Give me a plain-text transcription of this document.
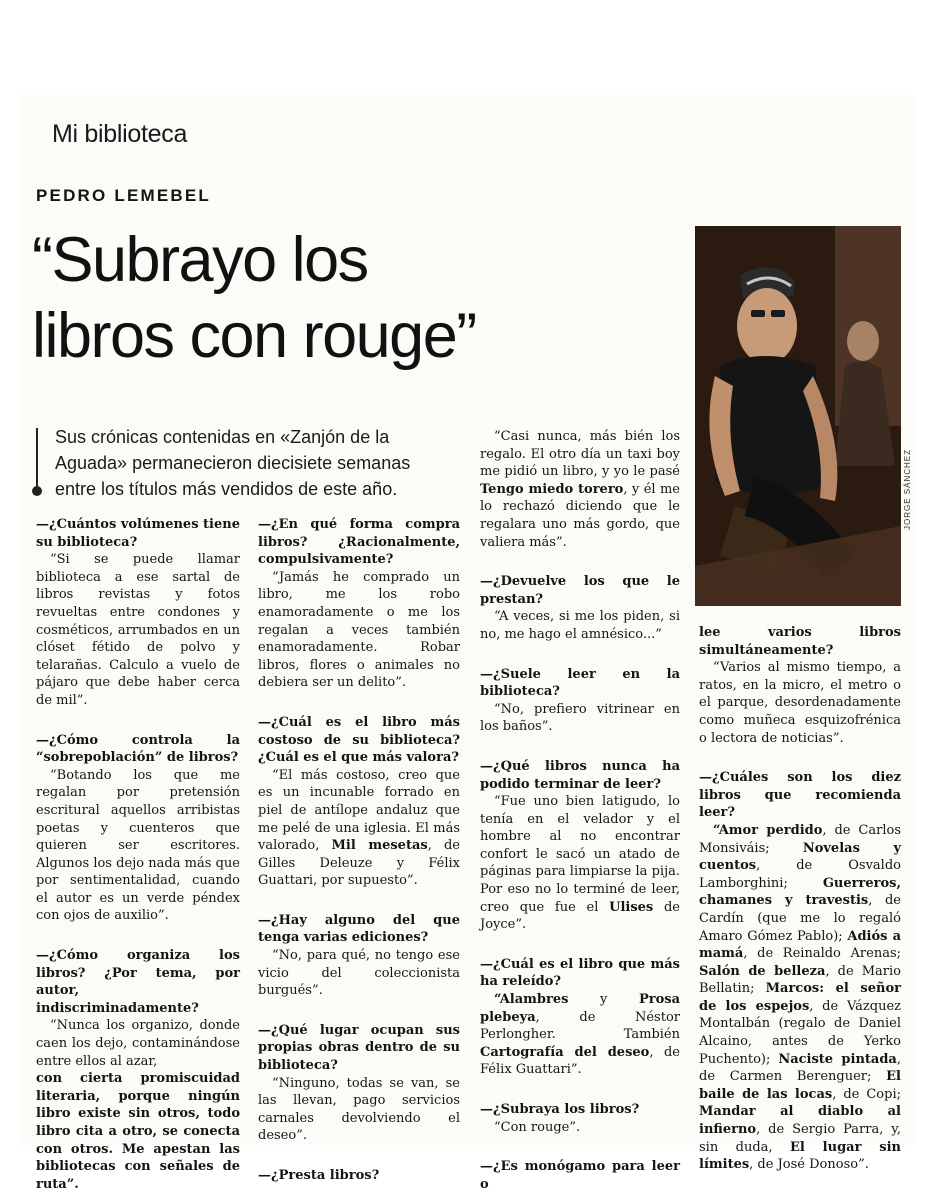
Mi biblioteca
PEDRO LEMEBEL
“Subrayo los
libros con rouge”
Sus crónicas contenidas en «Zanjón de la Aguada» permanecieron diecisiete semanas entre los títulos más vendidos de este año.	JORGE SÁNCHEZ

—¿Cuántos volúmenes tiene su biblioteca?

“Si se puede llamar biblioteca a ese sartal de libros revistas y fotos revueltas entre condones y cosméticos, arrumbados en un clóset fétido de polvo y telarañas. Calculo a vuelo de pájaro que debe haber cerca de mil”.

—¿Cómo controla la “sobrepoblación” de libros?

“Botando los que me regalan por pretensión escritural aquellos arribistas poetas y cuenteros que quieren ser escritores. Algunos los dejo nada más que por sentimentalidad, cuando el autor es un verde péndex con ojos de auxilio”.

—¿Cómo organiza los libros? ¿Por tema, por autor, indiscriminadamente?

“Nunca los organizo, donde caen los dejo, contaminándose entre ellos al azar,

con cierta promiscuidad literaria, porque ningún libro existe sin otros, todo libro cita a otro, se conecta con otros. Me apestan las bibliotecas con señales de ruta”.

—¿En qué forma compra libros? ¿Racionalmente, compulsivamente?

“Jamás he comprado un libro, me los robo enamoradamente o me los regalan a veces también enamoradamente. Robar libros, flores o animales no debiera ser un delito”.

—¿Cuál es el libro más costoso de su biblioteca? ¿Cuál es el que más valora?

“El más costoso, creo que es un incunable forrado en piel de antílope andaluz que me pelé de una iglesia. El más valorado, Mil mesetas, de Gilles Deleuze y Félix Guattari, por supuesto”.

—¿Hay alguno del que tenga varias ediciones?

“No, para qué, no tengo ese vicio del coleccionista burgués”.

—¿Qué lugar ocupan sus propias obras dentro de su biblioteca?

“Ninguno, todas se van, se las llevan, pago servicios carnales devolviendo el deseo”.

—¿Presta libros?

“Casi nunca, más bién los regalo. El otro día un taxi boy me pidió un libro, y yo le pasé Tengo miedo torero, y él me lo rechazó diciendo que le regalara uno más gordo, que valiera más”.

—¿Devuelve los que le prestan?

“A veces, si me los piden, si no, me hago el amnésico...”

—¿Suele leer en la biblioteca?

“No, prefiero vitrinear en los baños”.

—¿Qué libros nunca ha podido terminar de leer?

“Fue uno bien latigudo, lo tenía en el velador y el hombre al no encontrar confort le sacó un atado de páginas para limpiarse la pija. Por eso no lo terminé de leer, creo que fue el Ulises de Joyce”.

—¿Cuál es el libro que más ha releído?

“Alambres y Prosa plebeya, de Néstor Perlongher. También Cartografía del deseo, de Félix Guattari”.

—¿Subraya los libros?

“Con rouge”.

—¿Es monógamo para leer o

lee varios libros simultáneamente?

“Varios al mismo tiempo, a ratos, en la micro, el metro o el parque, desordenadamente como muñeca esquizofrénica o lectora de noticias”.

—¿Cuáles son los diez libros que recomienda leer?

“Amor perdido, de Carlos Monsiváis; Novelas y cuentos, de Osvaldo Lamborghini; Guerreros, chamanes y travestis, de Cardín (que me lo regaló Amaro Gómez Pablo); Adiós a mamá, de Reinaldo Arenas; Salón de belleza, de Mario Bellatin; Marcos: el señor de los espejos, de Vázquez Montalbán (regalo de Daniel Alcaino, antes de Yerko Puchento); Naciste pintada, de Carmen Berenguer; El baile de las locas, de Copi; Mandar al diablo al infierno, de Sergio Parra, y, sin duda, El lugar sin límites, de José Donoso”.
